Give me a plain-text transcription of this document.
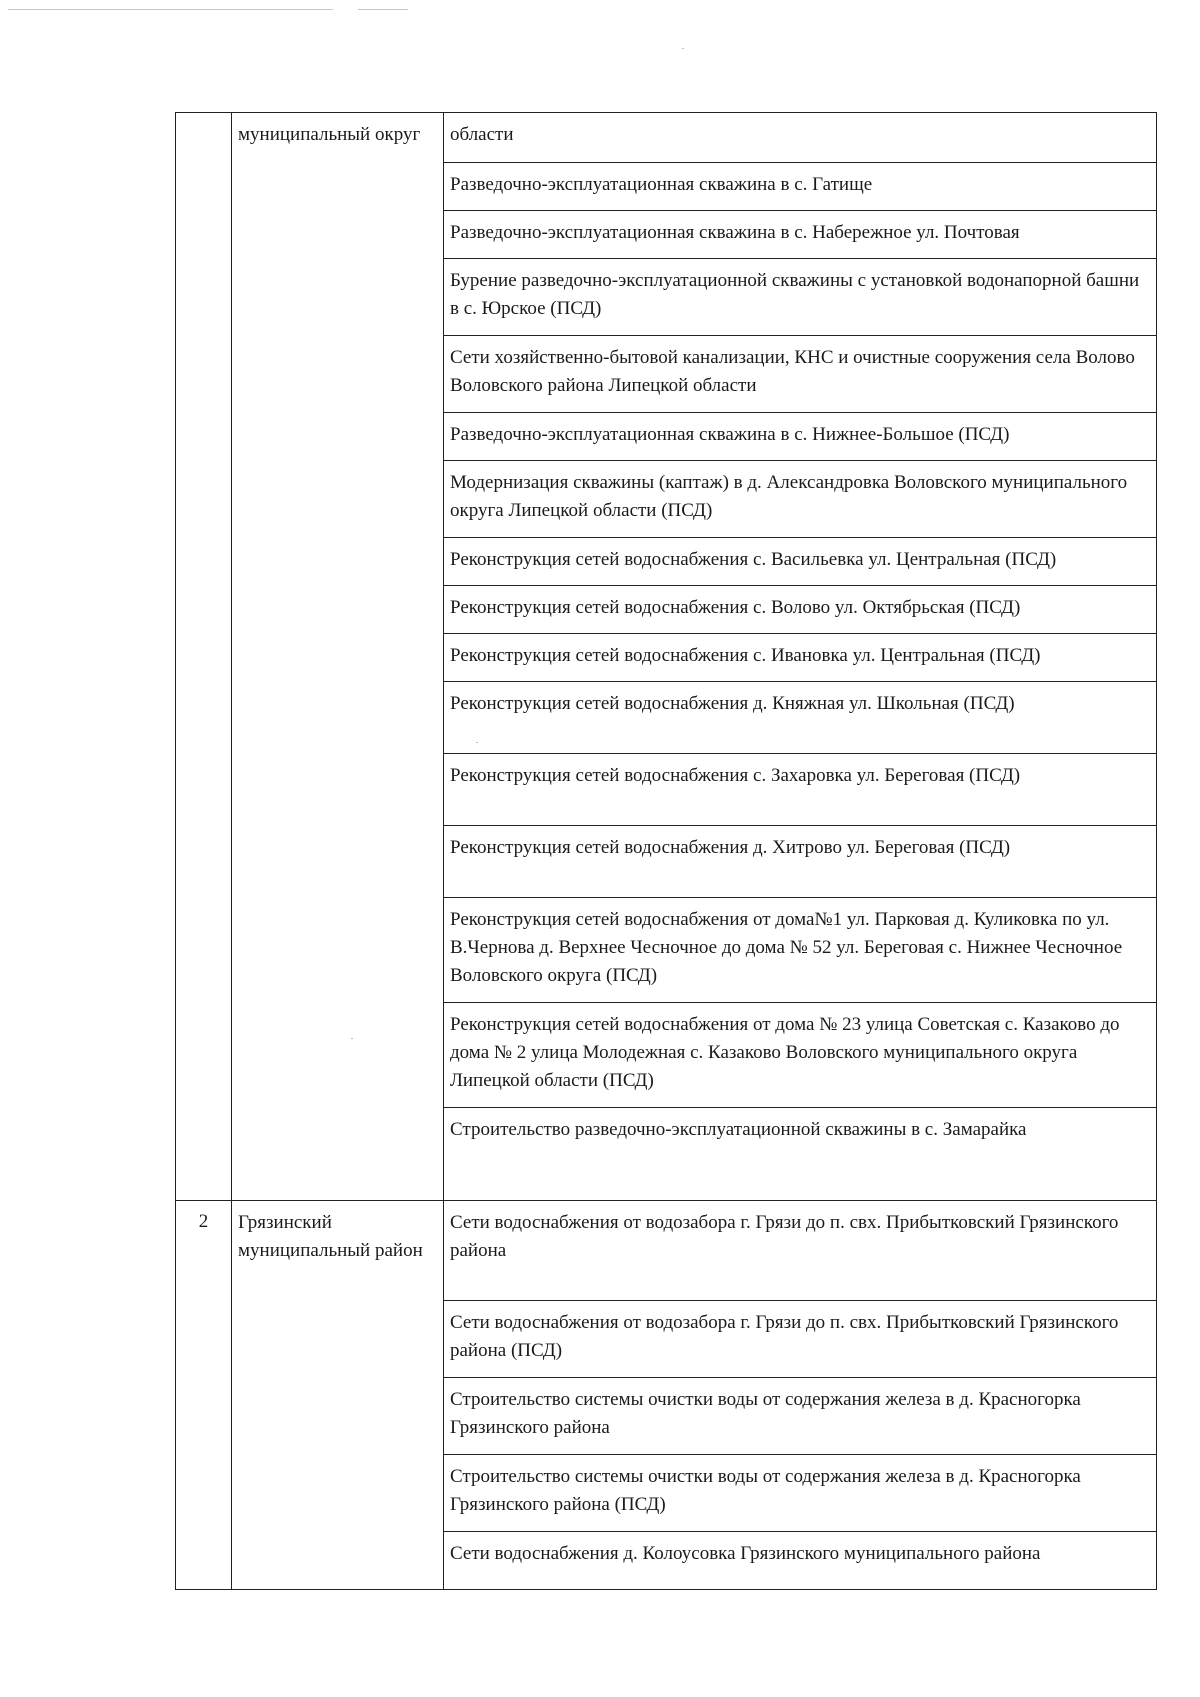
муниципальный округ	области
Разведочно-эксплуатационная скважина в с. Гатище
Разведочно-эксплуатационная скважина в с. Набережное ул. Почтовая
Бурение разведочно-эксплуатационной скважины с установкой водонапорной башни в с. Юрское (ПСД)
Сети хозяйственно-бытовой канализации, КНС и очистные сооружения села Волово Воловского района Липецкой области
Разведочно-эксплуатационная скважина в с. Нижнее-Большое (ПСД)
Модернизация скважины (каптаж) в д. Александровка Воловского муниципального округа Липецкой области (ПСД)
Реконструкция сетей водоснабжения с. Васильевка ул. Центральная (ПСД)
Реконструкция сетей водоснабжения с. Волово ул. Октябрьская (ПСД)
Реконструкция сетей водоснабжения с. Ивановка ул. Центральная (ПСД)
Реконструкция сетей водоснабжения д. Княжная ул. Школьная (ПСД)
Реконструкция сетей водоснабжения с. Захаровка ул. Береговая (ПСД)
Реконструкция сетей водоснабжения д. Хитрово ул. Береговая (ПСД)
Реконструкция сетей водоснабжения от дома№1 ул. Парковая д. Куликовка по ул. В.Чернова д. Верхнее Чесночное до дома № 52 ул. Береговая с. Нижнее Чесночное Воловского округа (ПСД)
Реконструкция сетей водоснабжения от дома № 23 улица Советская с. Казаково до дома № 2 улица Молодежная с. Казаково Воловского муниципального округа Липецкой области (ПСД)
Строительство разведочно-эксплуатационной скважины в с. Замарайка
2	Грязинский муниципальный район
Сети водоснабжения от водозабора г. Грязи до п. свх. Прибытковский Грязинского района
Сети водоснабжения от водозабора г. Грязи до п. свх. Прибытковский Грязинского района (ПСД)
Строительство системы очистки воды от содержания железа в д. Красногорка Грязинского района
Строительство системы очистки воды от содержания железа в д. Красногорка Грязинского района (ПСД)
Сети водоснабжения д. Колоусовка Грязинского муниципального района
